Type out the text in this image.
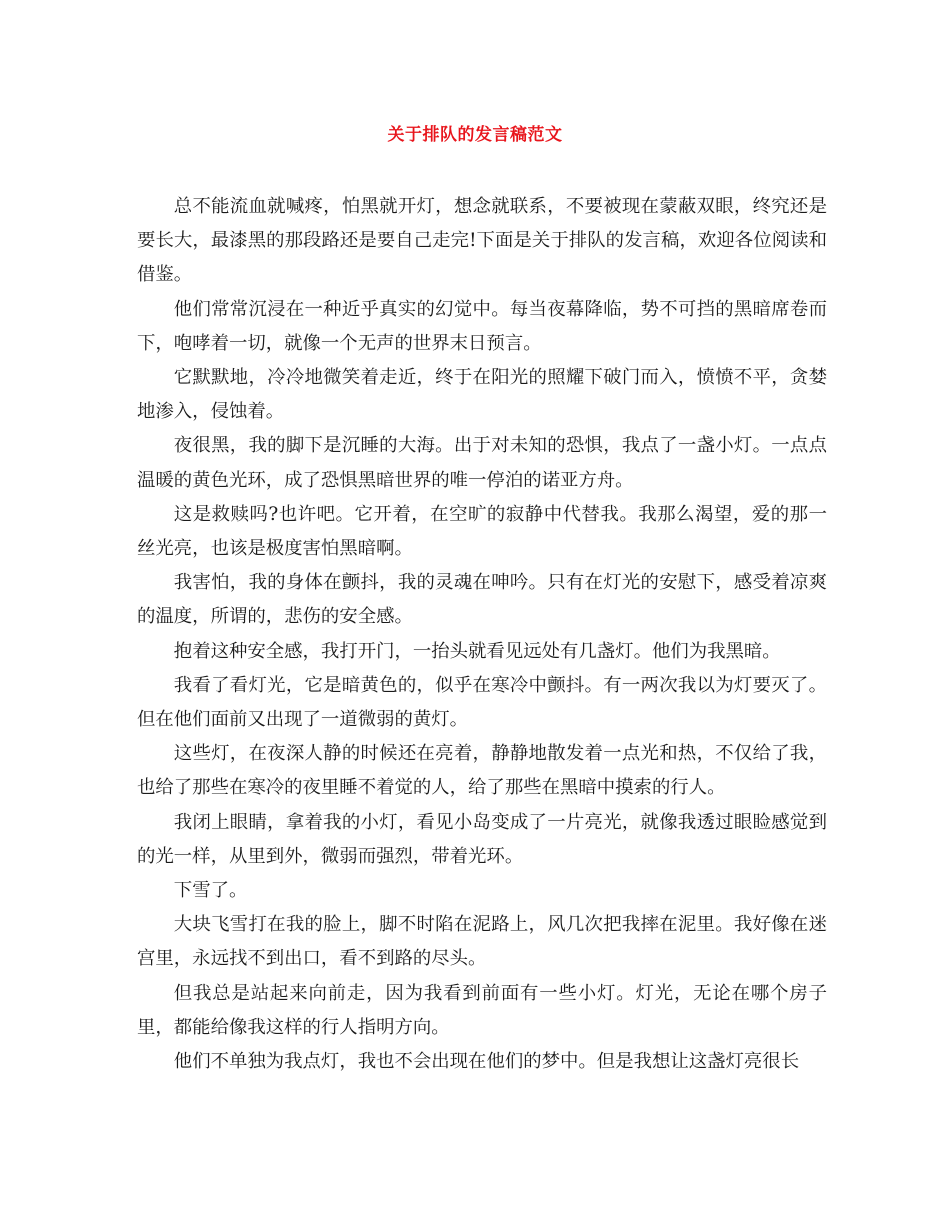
关于排队的发言稿范文

总不能流血就喊疼，怕黑就开灯，想念就联系，不要被现在蒙蔽双眼，终究还是要长大，最漆黑的那段路还是要自己走完!下面是关于排队的发言稿，欢迎各位阅读和借鉴。

他们常常沉浸在一种近乎真实的幻觉中。每当夜幕降临，势不可挡的黑暗席卷而下，咆哮着一切，就像一个无声的世界末日预言。

它默默地，冷冷地微笑着走近，终于在阳光的照耀下破门而入，愤愤不平，贪婪地渗入，侵蚀着。

夜很黑，我的脚下是沉睡的大海。出于对未知的恐惧，我点了一盏小灯。一点点温暖的黄色光环，成了恐惧黑暗世界的唯一停泊的诺亚方舟。

这是救赎吗?也许吧。它开着，在空旷的寂静中代替我。我那么渴望，爱的那一丝光亮，也该是极度害怕黑暗啊。

我害怕，我的身体在颤抖，我的灵魂在呻吟。只有在灯光的安慰下，感受着凉爽的温度，所谓的，悲伤的安全感。

抱着这种安全感，我打开门，一抬头就看见远处有几盏灯。他们为我黑暗。

我看了看灯光，它是暗黄色的，似乎在寒冷中颤抖。有一两次我以为灯要灭了。但在他们面前又出现了一道微弱的黄灯。

这些灯，在夜深人静的时候还在亮着，静静地散发着一点光和热，不仅给了我，也给了那些在寒冷的夜里睡不着觉的人，给了那些在黑暗中摸索的行人。

我闭上眼睛，拿着我的小灯，看见小岛变成了一片亮光，就像我透过眼睑感觉到的光一样，从里到外，微弱而强烈，带着光环。

下雪了。

大块飞雪打在我的脸上，脚不时陷在泥路上，风几次把我摔在泥里。我好像在迷宫里，永远找不到出口，看不到路的尽头。

但我总是站起来向前走，因为我看到前面有一些小灯。灯光，无论在哪个房子里，都能给像我这样的行人指明方向。

他们不单独为我点灯，我也不会出现在他们的梦中。但是我想让这盏灯亮很长
